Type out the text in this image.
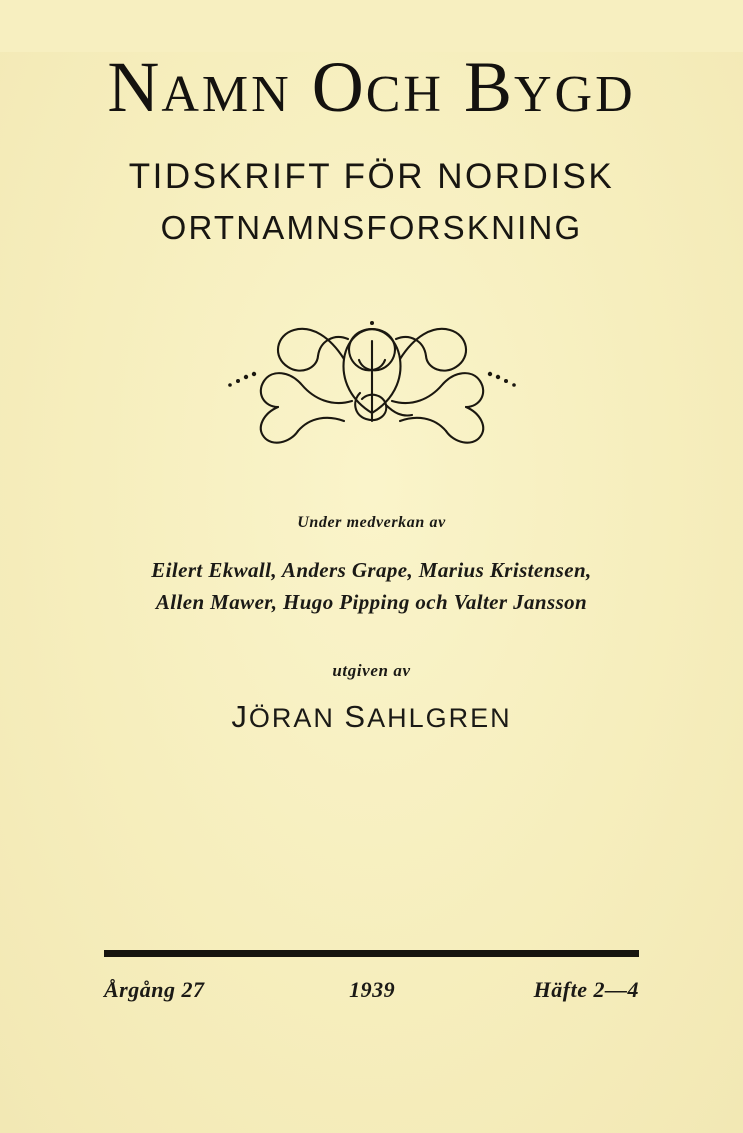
NAMN OCH BYGD
TIDSKRIFT FÖR NORDISK
ORTNAMNSFORSKNING
Under medverkan av
Eilert Ekwall, Anders Grape, Marius Kristensen,
Allen Mawer, Hugo Pipping och Valter Jansson
utgiven av
JÖRAN SAHLGREN
Årgång 27	1939	Häfte 2—4
